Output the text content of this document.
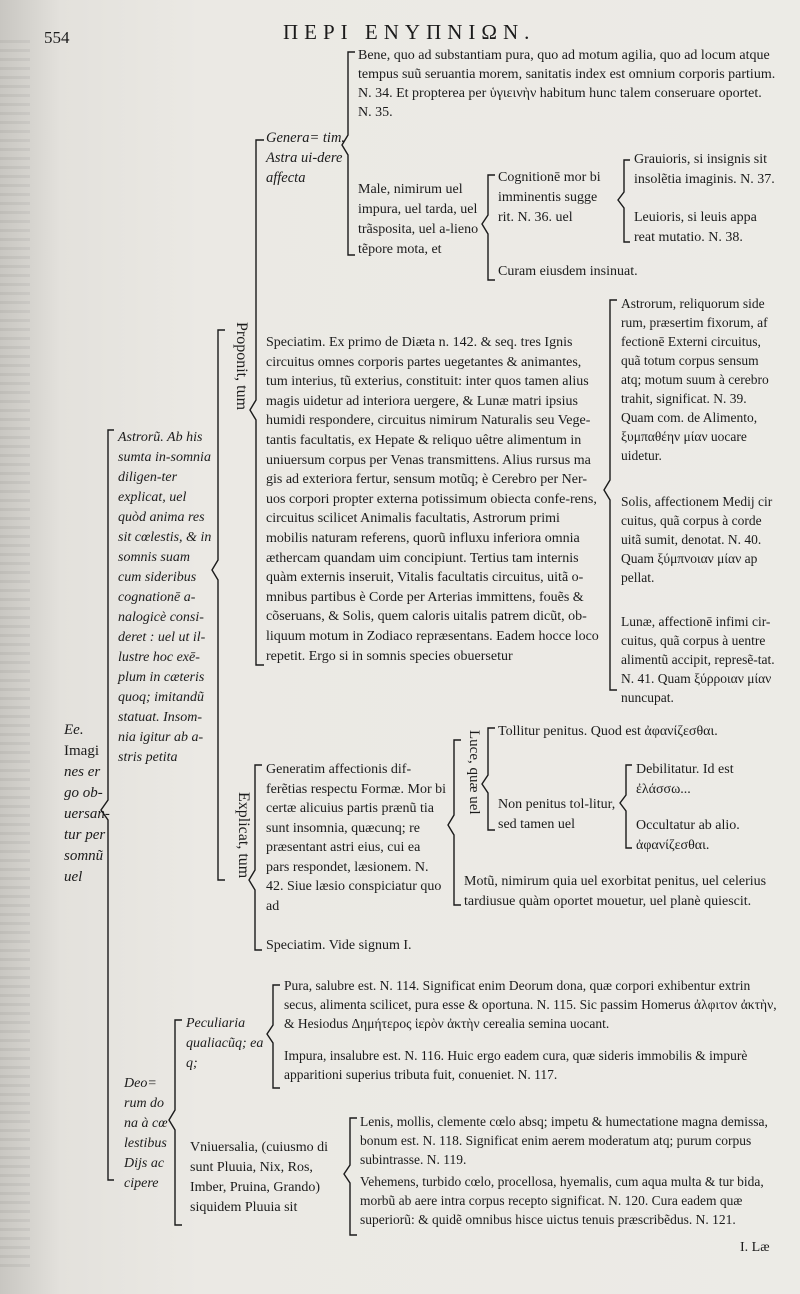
554	ΠΕΡΙ ΕΝΥΠΝΙΩΝ.
Ee.
Imagi
nes er
go ob-
uersan-
tur per
somnũ
uel
Astrorũ. Ab his sumta in-somnia diligen-ter explicat, uel quòd anima res sit cœlestis, & in somnis suam cum sideribus cognationē a-nalogicè consi-deret : uel ut il-lustre hoc exē-plum in cæteris quoq; imitandũ statuat. Insom-nia igitur ab a-stris petita
Proponit, tum
Explicat, tum
Luce, quæ uel
Genera= tim. Astra ui-dere affecta
Bene, quo ad substantiam pura, quo ad motum agilia, quo ad locum atque tempus suũ seruantia morem, sanitatis index est omnium corporis partium. N. 34. Et propterea per ὑγιεινὴν habitum hunc talem conseruare oportet. N. 35.
Male, nimirum uel impura, uel tarda, uel trãsposita, uel a-lieno tẽpore mota, et
Cognitionē mor bi imminentis sugge rit. N. 36. uel
Grauioris, si insignis sit insolẽtia imaginis. N. 37.
Leuioris, si leuis appa reat mutatio. N. 38.
Curam eiusdem insinuat.
Speciatim. Ex primo de Diæta n. 142. & seq. tres Ignis circuitus omnes corporis partes uegetantes & animantes, tum interius, tũ exterius, constituit: inter quos tamen alius magis uidetur ad interiora uergere, & Lunæ matri ipsius humidi respondere, circuitus nimirum Naturalis seu Vege-tantis facultatis, ex Hepate & reliquo uêtre alimentum in uniuersum corpus per Venas transmittens. Alius rursus ma gis ad exteriora fertur, sensum motũq; è Cerebro per Ner-uos corpori propter externa potissimum obiecta confe-rens, circuitus scilicet Animalis facultatis, Astrorum primi mobilis naturam referens, quorũ influxu inferiora omnia æthercam quandam uim concipiunt. Tertius tam internis quàm externis inseruit, Vitalis facultatis circuitus, uitã o-mnibus partibus è Corde per Arterias immittens, fouẽs & cõseruans, & Solis, quem caloris uitalis patrem dicũt, ob-liquum motum in Zodiaco repræsentans. Eadem hocce loco repetit. Ergo si in somnis species obuersetur
Astrorum, reliquorum side rum, præsertim fixorum, af fectionē Externi circuitus, quã totum corpus sensum atq; motum suum à cerebro trahit, significat. N. 39. Quam com. de Alimento, ξυμπαθέην μίαν uocare uidetur.
Solis, affectionem Medij cir cuitus, quã corpus à corde uitã sumit, denotat. N. 40. Quam ξύμπνοιαν μίαν ap pellat.
Lunæ, affectionē infimi cir-cuitus, quã corpus à uentre alimentũ accipit, represẽ-tat. N. 41. Quam ξύρροιαν μίαν nuncupat.
Generatim affectionis dif-ferẽtias respectu Formæ. Mor bi certæ alicuius partis prænũ tia sunt insomnia, quæcunq; re præsentant astri eius, cui ea pars respondet, læsionem. N. 42. Siue læsio conspiciatur quo ad
Tollitur penitus. Quod est ἀφανίζεσθαι.
Non penitus tol-litur, sed tamen uel
Debilitatur. Id est ἐλάσσω...
Occultatur ab alio. ἀφανίζεσθαι.
Motũ, nimirum quia uel exorbitat penitus, uel celerius tardiusue quàm oportet mouetur, uel planè quiescit.
Speciatim. Vide signum I.
Deo= rum do na à cœ lestibus Dijs ac cipere
Peculiaria qualiacũq; ea q;
Pura, salubre est. N. 114. Significat enim Deorum dona, quæ corpori exhibentur extrin secus, alimenta scilicet, pura esse & oportuna. N. 115. Sic passim Homerus ἀλφιτον ἀκτὴν, & Hesiodus Δημήτερος ἱερὸν ἀκτὴν cerealia semina uocant.
Impura, insalubre est. N. 116. Huic ergo eadem cura, quæ sideris immobilis & impurè apparitioni superius tributa fuit, conueniet. N. 117.
Vniuersalia, (cuiusmo di sunt Pluuia, Nix, Ros, Imber, Pruina, Grando) siquidem Pluuia sit
Lenis, mollis, clemente cœlo absq; impetu & humectatione magna demissa, bonum est. N. 118. Significat enim aerem moderatum atq; purum corpus subintrasse. N. 119.
Vehemens, turbido cœlo, procellosa, hyemalis, cum aqua multa & tur bida, morbũ ab aere intra corpus recepto significat. N. 120. Cura eadem quæ superiorũ: & quidẽ omnibus hisce uictus tenuis præscribẽdus. N. 121.
I. Læ
